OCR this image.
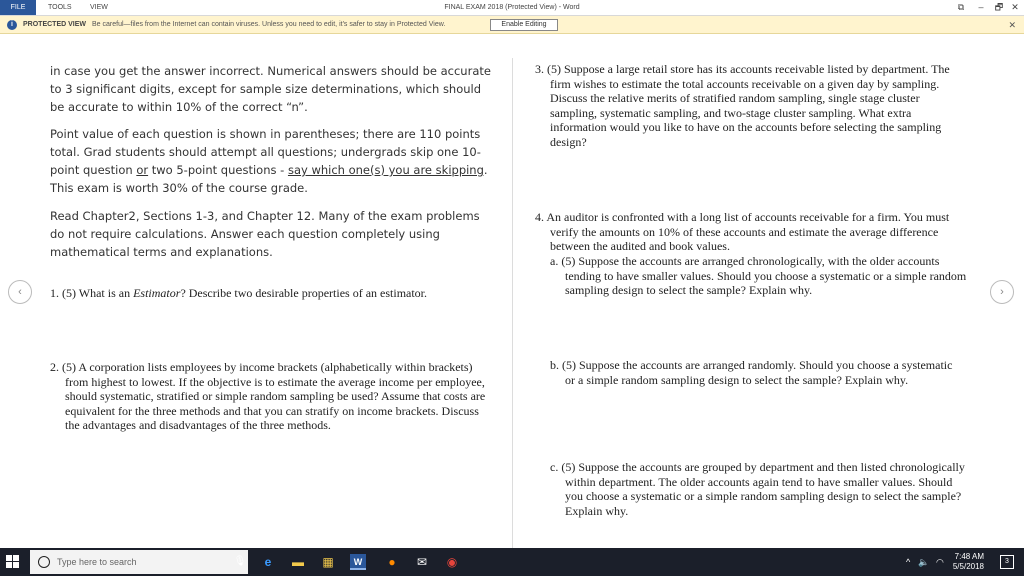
FILE	TOOLS	VIEW	FINAL EXAM 2018 (Protected View) - Word	⧉	–	🗗 ✕
i	PROTECTED VIEW Be careful—files from the Internet can contain viruses. Unless you need to edit, it's safer to stay in Protected View.	Enable Editing	✕
in case you get the answer incorrect. Numerical answers should be accurate to 3 significant digits, except for sample size determinations, which should be accurate to within 10% of the correct “n”.
Point value of each question is shown in parentheses; there are 110 points total. Grad students should attempt all questions; undergrads skip one 10-point question or two 5-point questions - say which one(s) you are skipping. This exam is worth 30% of the course grade.
Read Chapter2, Sections 1-3, and Chapter 12. Many of the exam problems do not require calculations. Answer each question completely using mathematical terms and explanations.
1. (5) What is an Estimator? Describe two desirable properties of an estimator.
2. (5) A corporation lists employees by income brackets (alphabetically within brackets) from highest to lowest. If the objective is to estimate the average income per employee, should systematic, stratified or simple random sampling be used? Assume that costs are equivalent for the three methods and that you can stratify on income brackets. Discuss the advantages and disadvantages of the three methods.
3. (5) Suppose a large retail store has its accounts receivable listed by department. The firm wishes to estimate the total accounts receivable on a given day by sampling. Discuss the relative merits of stratified random sampling, single stage cluster sampling, systematic sampling, and two-stage cluster sampling. What extra information would you like to have on the accounts before selecting the sampling design?
4. An auditor is confronted with a long list of accounts receivable for a firm. You must verify the amounts on 10% of these accounts and estimate the average difference between the audited and book values.
a. (5) Suppose the accounts are arranged chronologically, with the older accounts tending to have smaller values. Should you choose a systematic or a simple random sampling design to select the sample? Explain why.
b. (5) Suppose the accounts are arranged randomly. Should you choose a systematic or a simple random sampling design to select the sample? Explain why.
c. (5) Suppose the accounts are grouped by department and then listed chronologically within department. The older accounts again tend to have smaller values. Should you choose a systematic or a simple random sampling design to select the sample? Explain why.
‹	›
Type here to search	🎙	e	▬ ▦	W	●	✉ ◉	^ 🔈 ◠
7:48 AM
5/5/2018
3
